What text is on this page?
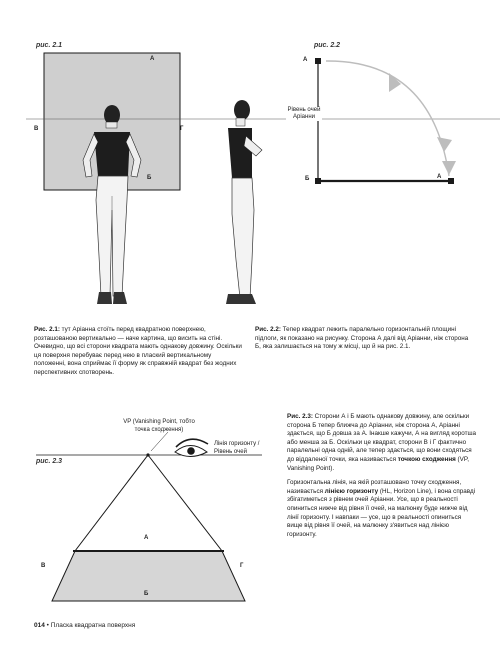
рис. 2.1
А
В	Г
Б
рис. 2.2
А
Б	А
Рівень очей Аріанни
Рис. 2.1: тут Аріанна стоїть перед квадратною поверхнею, розташованою вертикально — наче картина, що висить на стіні. Очевидно, що всі сторони квадрата мають однакову довжину. Оскільки ця поверхня перебуває перед нею в плаский вертикальному положенні, вона сприймає її форму як справжній квадрат без жодних перспективних спотворень.
Рис. 2.2: Тепер квадрат лежить паралельно горизонтальній площині підлоги, як показано на рисунку. Сторона А далі від Аріанни, ніж сторона Б, яка залишається на тому ж місці, що й на рис. 2.1.
VP (Vanishing Point, тобто точка сходження)
Лінія горизонту / Рівень очей
рис. 2.3
А
В	Г
Б

Рис. 2.3: Сторони А і Б мають однакову довжину, але оскільки сторона Б тепер ближча до Аріанни, ніж сторона А, Аріанні здається, що Б довша за А. Інакше кажучи, А на вигляд коротша або менша за Б. Оскільки це квадрат, сторони В і Г фактично паралельні одна одній, але тепер здається, що вони сходяться до віддаленої точки, яка називається точкою сходження (VP, Vanishing Point).

Горизонтальна лінія, на якій розташовано точку сходження, називається лінією горизонту (HL, Horizon Line), і вона справді збігатиметься з рівнем очей Аріанни. Усе, що в реальності опиниться нижче від рівня її очей, на малюнку буде нижче від лінії горизонту. І навпаки — усе, що в реальності опиниться вище від рівня її очей, на малюнку з'явиться над лінією горизонту.

014 • Пласка квадратна поверхня
